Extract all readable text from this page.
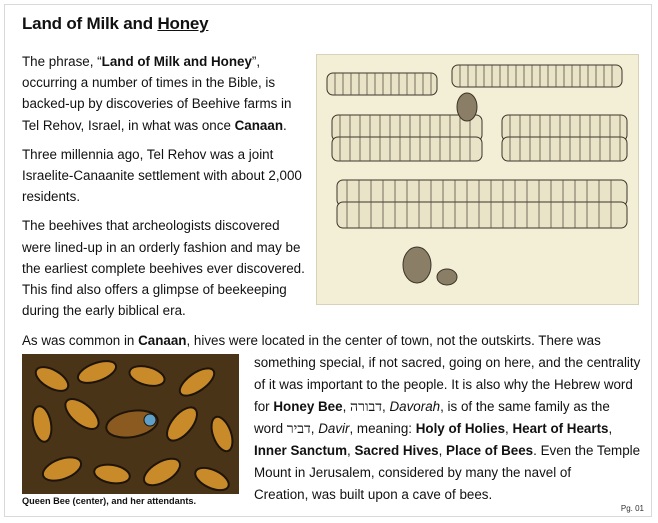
Land of Milk and Honey

The phrase, “Land of Milk and Honey”, occurring a number of times in the Bible, is backed-up by discoveries of Beehive farms in Tel Rehov, Israel, in what was once Canaan.

Three millennia ago, Tel Rehov was a joint Israelite-Canaanite settlement with about 2,000 residents.

The beehives that archeologists discovered were lined-up in an orderly fashion and may be the earliest complete beehives ever discovered. This find also offers a glimpse of beekeeping during the early biblical era.

Queen Bee (center), and her attendants.
As was common in Canaan, hives were located in the center of town, not the outskirts. There was
something special, if not sacred, going on here, and the centrality
of it was important to the people. It is also why the Hebrew word
for Honey Bee, דבורה, Davorah, is of the same family as the
word דביר, Davir, meaning: Holy of Holies, Heart of Hearts,
Inner Sanctum, Sacred Hives, Place of Bees. Even the Temple
Mount in Jerusalem, considered by many the navel of
Creation, was built upon a cave of bees.
Pg. 01
